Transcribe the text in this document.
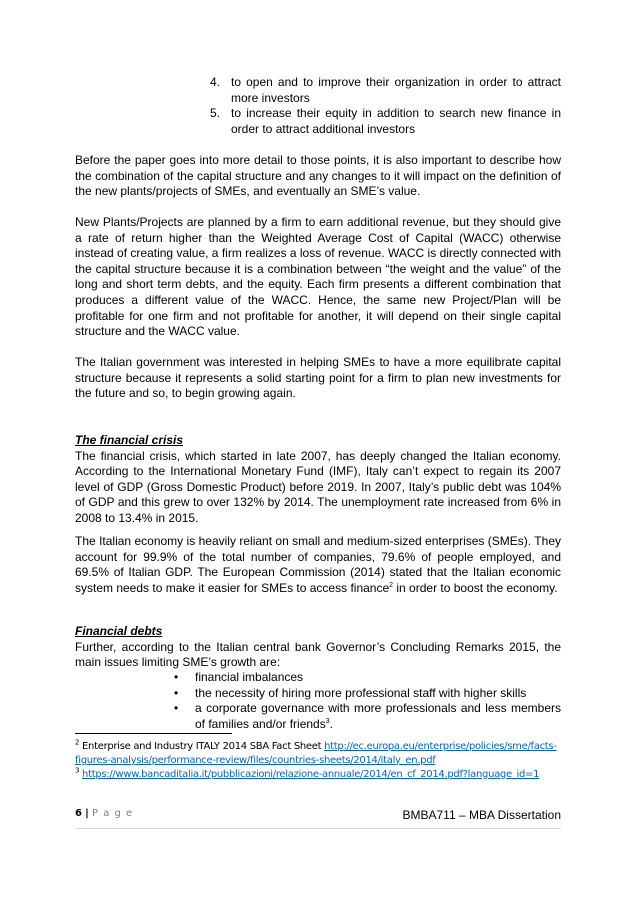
4. to open and to improve their organization in order to attract more investors
5. to increase their equity in addition to search new finance in order to attract additional investors

Before the paper goes into more detail to those points, it is also important to describe how the combination of the capital structure and any changes to it will impact on the definition of the new plants/projects of SMEs, and eventually an SME’s value.

New Plants/Projects are planned by a firm to earn additional revenue, but they should give a rate of return higher than the Weighted Average Cost of Capital (WACC) otherwise instead of creating value, a firm realizes a loss of revenue. WACC is directly connected with the capital structure because it is a combination between “the weight and the value” of the long and short term debts, and the equity. Each firm presents a different combination that produces a different value of the WACC. Hence, the same new Project/Plan will be profitable for one firm and not profitable for another, it will depend on their single capital structure and the WACC value.

The Italian government was interested in helping SMEs to have a more equilibrate capital structure because it represents a solid starting point for a firm to plan new investments for the future and so, to begin growing again.

The financial crisis

The financial crisis, which started in late 2007, has deeply changed the Italian economy. According to the International Monetary Fund (IMF), Italy can’t expect to regain its 2007 level of GDP (Gross Domestic Product) before 2019. In 2007, Italy’s public debt was 104% of GDP and this grew to over 132% by 2014. The unemployment rate increased from 6% in 2008 to 13.4% in 2015.

The Italian economy is heavily reliant on small and medium-sized enterprises (SMEs). They account for 99.9% of the total number of companies, 79.6% of people employed, and 69.5% of Italian GDP. The European Commission (2014) stated that the Italian economic system needs to make it easier for SMEs to access finance$^2$ in order to boost the economy.

Financial debts

Further, according to the Italian central bank Governor’s Concluding Remarks 2015, the main issues limiting SME’s growth are:

• financial imbalances
• the necessity of hiring more professional staff with higher skills
• a corporate governance with more professionals and less members of families and/or friends$^3$.

$^2$ Enterprise and Industry ITALY 2014 SBA Fact Sheet http://ec.europa.eu/enterprise/policies/sme/facts-figures-analysis/performance-review/files/countries-sheets/2014/italy_en.pdf

$^3$ https://www.bancaditalia.it/pubblicazioni/relazione-annuale/2014/en_cf_2014.pdf?language_id=1

6 | P a g e	BMBA711 – MBA Dissertation
